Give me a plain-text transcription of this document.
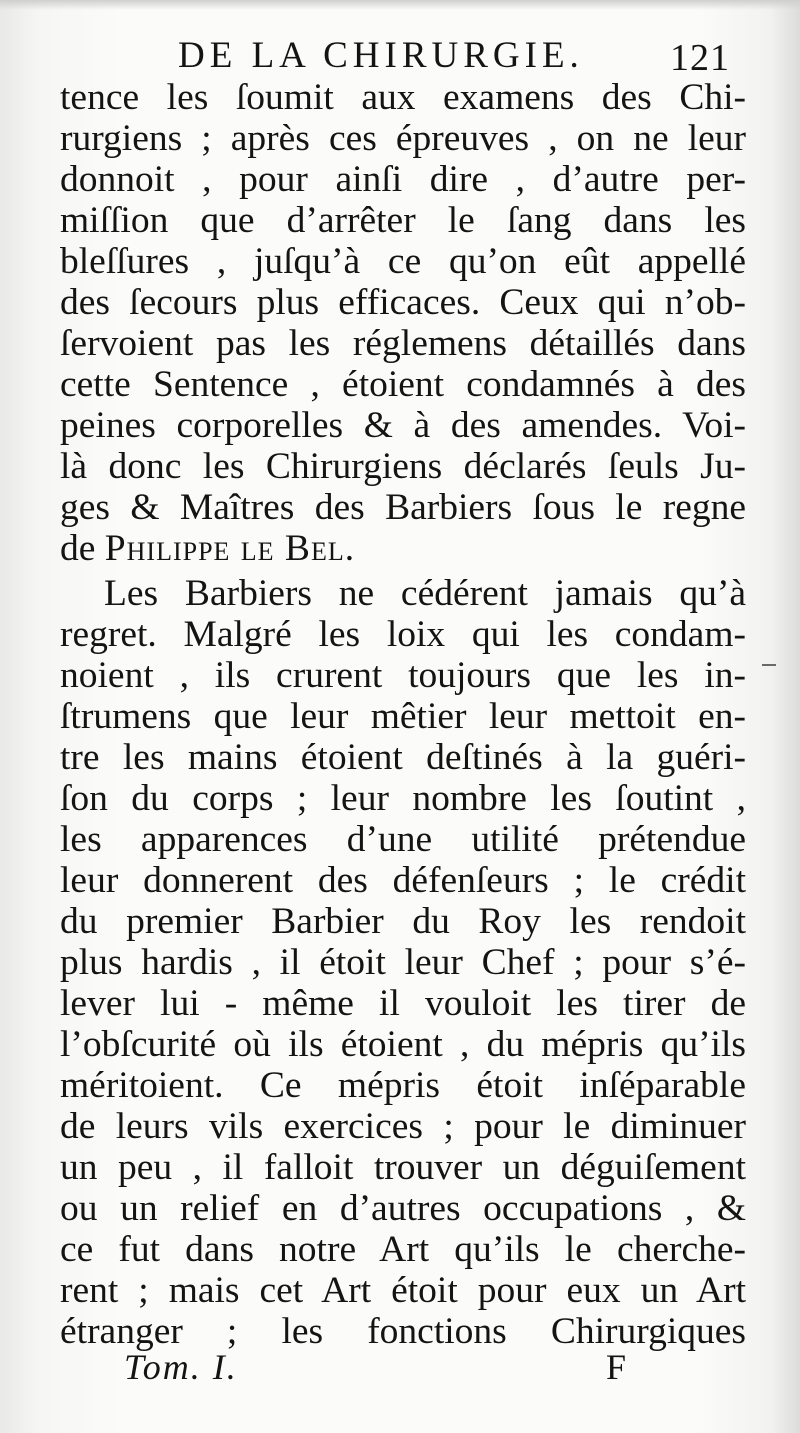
DE LA CHIRURGIE. 121
tence les ſoumit aux examens des Chi-
rurgiens ; après ces épreuves , on ne leur
donnoit , pour ainſi dire , d’autre per-
miſſion que d’arrêter le ſang dans les
bleſſures , juſqu’à ce qu’on eût appellé
des ſecours plus efficaces. Ceux qui n’ob-
ſervoient pas les réglemens détaillés dans
cette Sentence , étoient condamnés à des
peines corporelles & à des amendes. Voi-
là donc les Chirurgiens déclarés ſeuls Ju-
ges & Maîtres des Barbiers ſous le regne
de Philippe le Bel.
Les Barbiers ne cédérent jamais qu’à
regret. Malgré les loix qui les condam-
noient , ils crurent toujours que les in-
ſtrumens que leur mêtier leur mettoit en-
tre les mains étoient deſtinés à la guéri-
ſon du corps ; leur nombre les ſoutint ,
les apparences d’une utilité prétendue
leur donnerent des défenſeurs ; le crédit
du premier Barbier du Roy les rendoit
plus hardis , il étoit leur Chef ; pour s’é-
lever lui - même il vouloit les tirer de
l’obſcurité où ils étoient , du mépris qu’ils
méritoient. Ce mépris étoit inſéparable
de leurs vils exercices ; pour le diminuer
un peu , il falloit trouver un déguiſement
ou un relief en d’autres occupations , &
ce fut dans notre Art qu’ils le cherche-
rent ; mais cet Art étoit pour eux un Art
étranger ; les fonctions Chirurgiques
Tom. I.	F
